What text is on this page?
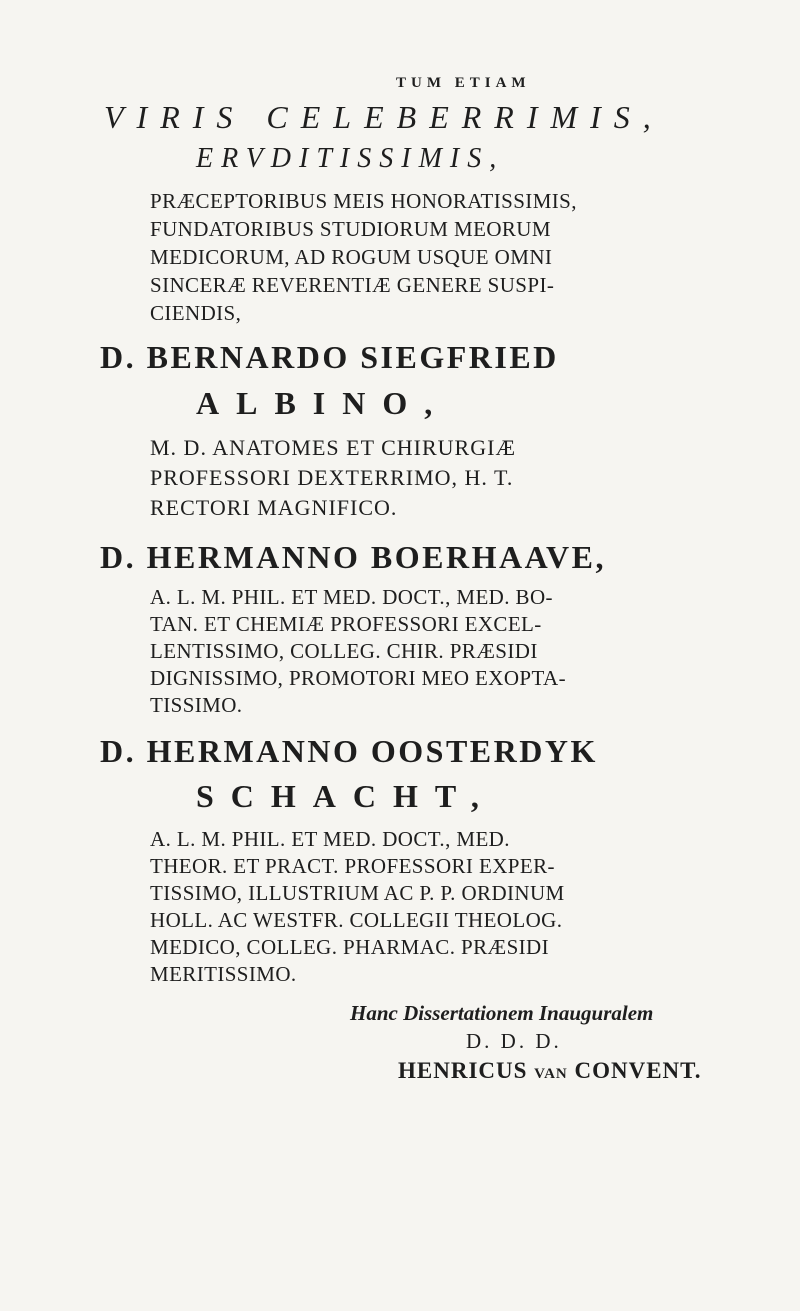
TUM ETIAM
VIRIS CELEBERRIMIS,
ERVDITISSIMIS,
PRÆCEPTORIBUS MEIS HONORATISSIMIS,
FUNDATORIBUS STUDIORUM MEORUM
MEDICORUM, AD ROGUM USQUE OMNI
SINCERÆ REVERENTIÆ GENERE SUSPI-
CIENDIS,
D. BERNARDO SIEGFRIED
ALBINO,
M. D. ANATOMES ET CHIRURGIÆ
PROFESSORI DEXTERRIMO, H. T.
RECTORI MAGNIFICO.
D. HERMANNO BOERHAAVE,
A. L. M. PHIL. ET MED. DOCT., MED. BO-
TAN. ET CHEMIÆ PROFESSORI EXCEL-
LENTISSIMO, COLLEG. CHIR. PRÆSIDI
DIGNISSIMO, PROMOTORI MEO EXOPTA-
TISSIMO.
D. HERMANNO OOSTERDYK
SCHACHT,
A. L. M. PHIL. ET MED. DOCT., MED.
THEOR. ET PRACT. PROFESSORI EXPER-
TISSIMO, ILLUSTRIUM AC P. P. ORDINUM
HOLL. AC WESTFR. COLLEGII THEOLOG.
MEDICO, COLLEG. PHARMAC. PRÆSIDI
MERITISSIMO.
Hanc Dissertationem Inauguralem
D. D. D.
HENRICUS VAN CONVENT.
